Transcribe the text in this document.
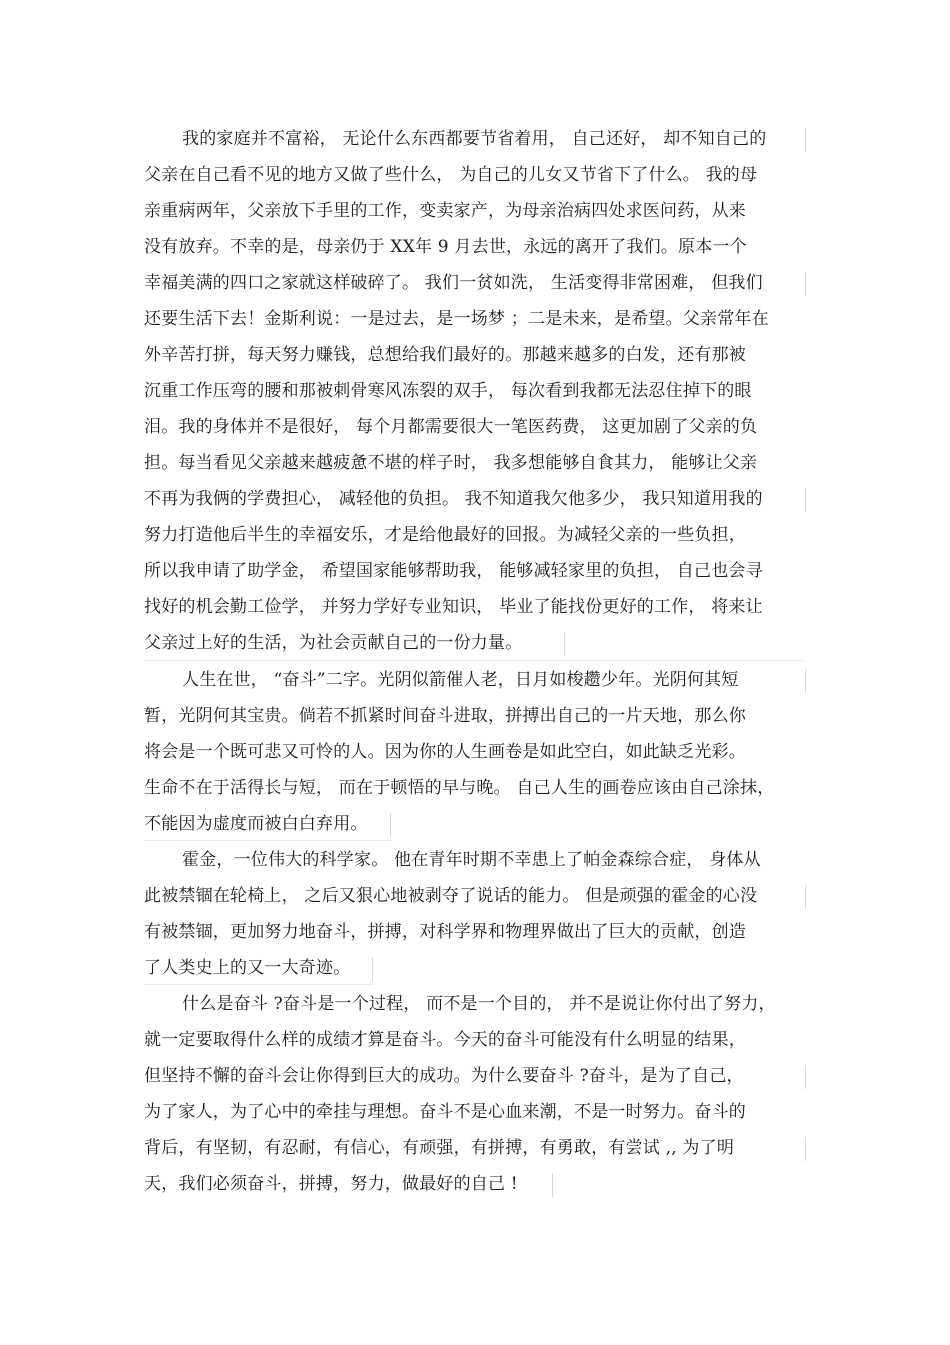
我的家庭并不富裕， 无论什么东西都要节省着用， 自己还好， 却不知自己的
父亲在自己看不见的地方又做了些什么， 为自己的儿女又节省下了什么。 我的母
亲重病两年，父亲放下手里的工作，变卖家产，为母亲治病四处求医问药，从来
没有放弃。不幸的是，母亲仍于 XX年 9 月去世，永远的离开了我们。原本一个
幸福美满的四口之家就这样破碎了。 我们一贫如洗， 生活变得非常困难， 但我们
还要生活下去！金斯利说：一是过去，是一场梦 ；二是未来，是希望。父亲常年在
外辛苦打拼，每天努力赚钱，总想给我们最好的。那越来越多的白发，还有那被
沉重工作压弯的腰和那被刺骨寒风冻裂的双手， 每次看到我都无法忍住掉下的眼
泪。我的身体并不是很好， 每个月都需要很大一笔医药费， 这更加剧了父亲的负
担。每当看见父亲越来越疲惫不堪的样子时， 我多想能够自食其力， 能够让父亲
不再为我俩的学费担心， 减轻他的负担。 我不知道我欠他多少， 我只知道用我的
努力打造他后半生的幸福安乐，才是给他最好的回报。为减轻父亲的一些负担，
所以我申请了助学金， 希望国家能够帮助我， 能够减轻家里的负担， 自己也会寻
找好的机会勤工俭学， 并努力学好专业知识， 毕业了能找份更好的工作， 将来让
父亲过上好的生活，为社会贡献自己的一份力量。
人生在世， “奋斗”二字。光阴似箭催人老，日月如梭趱少年。光阴何其短
暂，光阴何其宝贵。倘若不抓紧时间奋斗进取，拼搏出自己的一片天地，那么你
将会是一个既可悲又可怜的人。因为你的人生画卷是如此空白，如此缺乏光彩。
生命不在于活得长与短， 而在于顿悟的早与晚。 自己人生的画卷应该由自己涂抹，
不能因为虚度而被白白弃用。
霍金，一位伟大的科学家。 他在青年时期不幸患上了帕金森综合症， 身体从
此被禁锢在轮椅上， 之后又狠心地被剥夺了说话的能力。 但是顽强的霍金的心没
有被禁锢，更加努力地奋斗，拼搏，对科学界和物理界做出了巨大的贡献，创造
了人类史上的又一大奇迹。
什么是奋斗 ?奋斗是一个过程， 而不是一个目的， 并不是说让你付出了努力，
就一定要取得什么样的成绩才算是奋斗。今天的奋斗可能没有什么明显的结果，
但坚持不懈的奋斗会让你得到巨大的成功。为什么要奋斗 ?奋斗，是为了自己，
为了家人，为了心中的牵挂与理想。奋斗不是心血来潮，不是一时努力。奋斗的
背后，有坚韧，有忍耐，有信心，有顽强，有拼搏，有勇敢，有尝试 ,, 为了明
天，我们必须奋斗，拼搏，努力，做最好的自己 !
